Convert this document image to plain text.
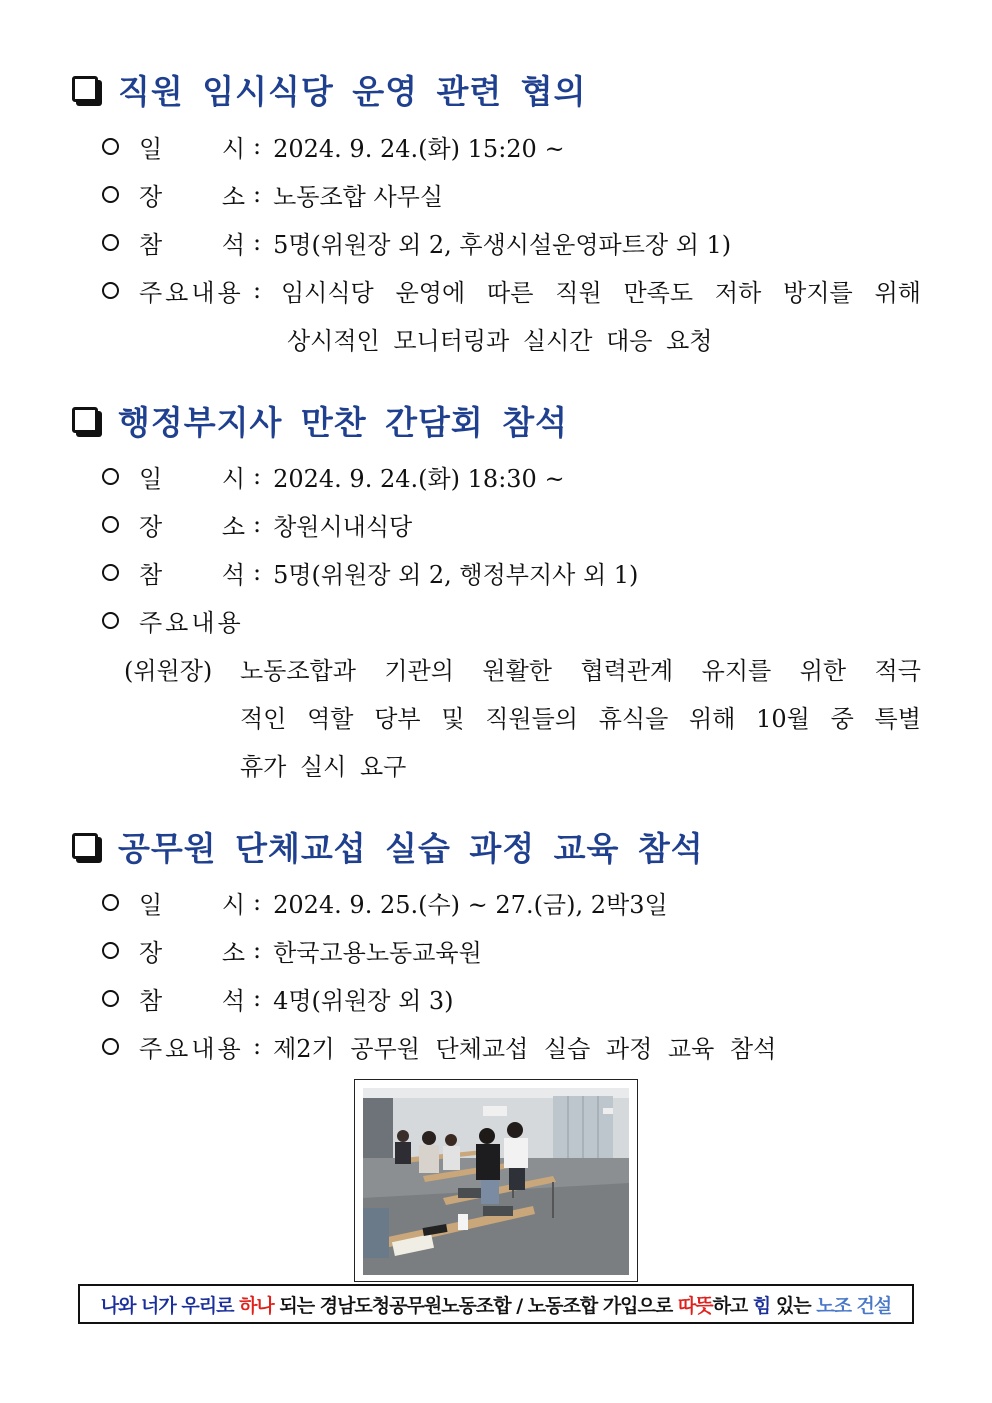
직원 임시식당 운영 관련 협의
일 시 : 2024. 9. 24.(화) 15:20 ~
장 소 : 노동조합 사무실
참 석 : 5명(위원장 외 2, 후생시설운영파트장 외 1)
주요내용 : 임시식당 운영에 따른 직원 만족도 저하 방지를 위해
상시적인 모니터링과 실시간 대응 요청
행정부지사 만찬 간담회 참석
일 시 : 2024. 9. 24.(화) 18:30 ~
장 소 : 창원시내식당
참 석 : 5명(위원장 외 2, 행정부지사 외 1)
주요내용
(위원장) 노동조합과 기관의 원활한 협력관계 유지를 위한 적극
적인 역할 당부 및 직원들의 휴식을 위해 10월 중 특별
휴가 실시 요구
공무원 단체교섭 실습 과정 교육 참석
일 시 : 2024. 9. 25.(수) ~ 27.(금), 2박3일
장 소 : 한국고용노동교육원
참 석 : 4명(위원장 외 3)
주요내용 : 제2기 공무원 단체교섭 실습 과정 교육 참석
나와 너가 우리로 하나 되는 경남도청공무원노동조합 / 노동조합 가입으로 따뜻 하고 힘 있는 노조 건설
